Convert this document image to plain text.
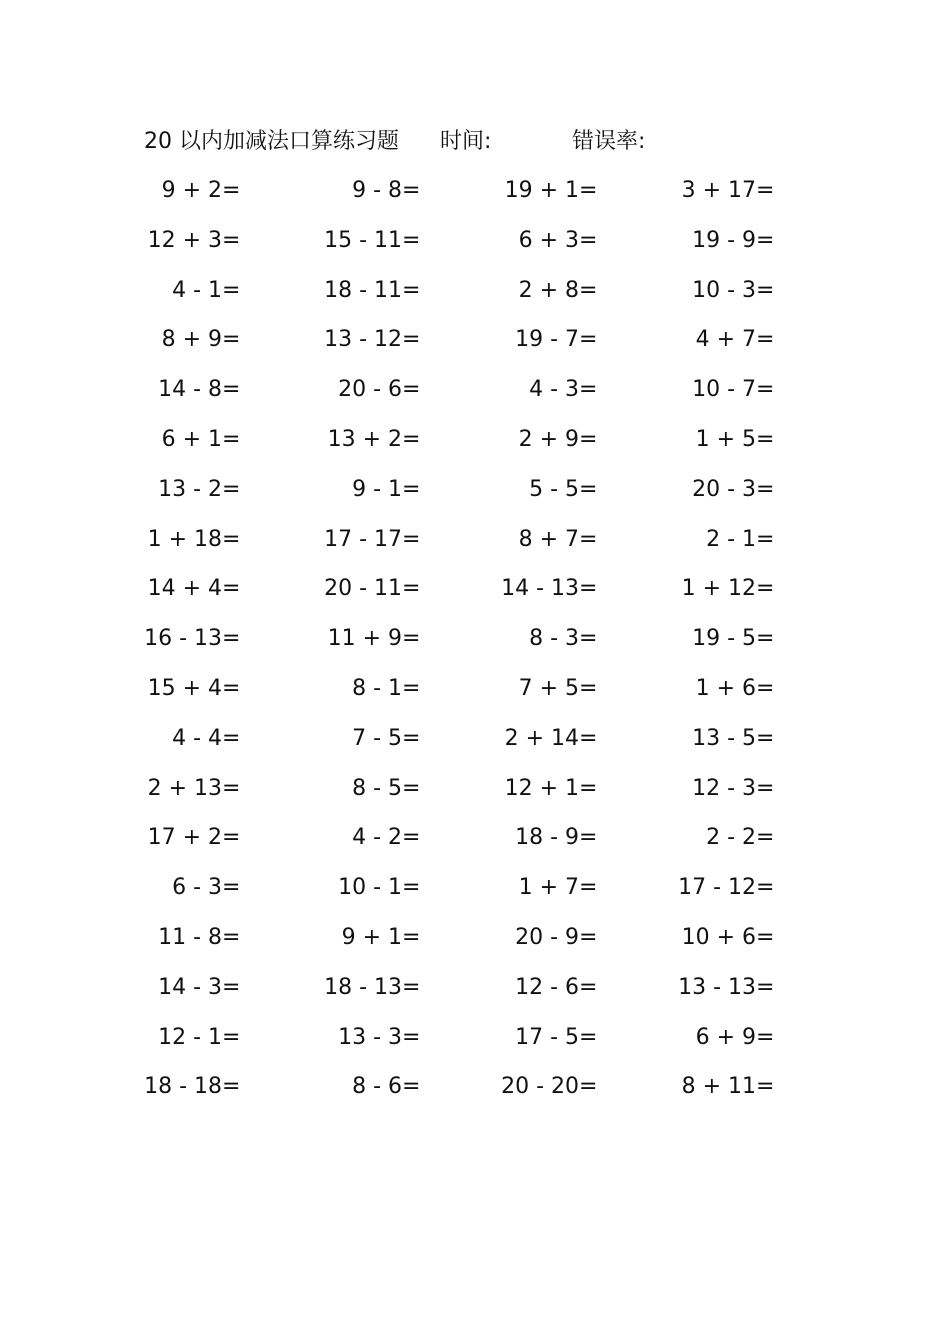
20 以内加减法口算练习题 时间:	错误率:
9 + 2 =
12 + 3 =
4 - 1 =
8 + 9 =
14 - 8 =
6 + 1 =
13 - 2 =
1 + 18 =
14 + 4 =
16 - 13 =
15 + 4 =
4 - 4 =
2 + 13 =
17 + 2 =
6 - 3 =
11 - 8 =
14 - 3 =
12 - 1 =
18 - 18 =
9 - 8 =
15 - 11 =
18 - 11 =
13 - 12 =
20 - 6 =
13 + 2 =
9 - 1 =
17 - 17 =
20 - 11 =
11 + 9 =
8 - 1 =
7 - 5 =
8 - 5 =
4 - 2 =
10 - 1 =
9 + 1 =
18 - 13 =
13 - 3 =
8 - 6 =
19 + 1 =
6 + 3 =
2 + 8 =
19 - 7 =
4 - 3 =
2 + 9 =
5 - 5 =
8 + 7 =
14 - 13 =
8 - 3 =
7 + 5 =
2 + 14 =
12 + 1 =
18 - 9 =
1 + 7 =
20 - 9 =
12 - 6 =
17 - 5 =
20 - 20 =
3 + 17 =
19 - 9 =
10 - 3 =
4 + 7 =
10 - 7 =
1 + 5 =
20 - 3 =
2 - 1 =
1 + 12 =
19 - 5 =
1 + 6 =
13 - 5 =
12 - 3 =
2 - 2 =
17 - 12 =
10 + 6 =
13 - 13 =
6 + 9 =
8 + 11 =
